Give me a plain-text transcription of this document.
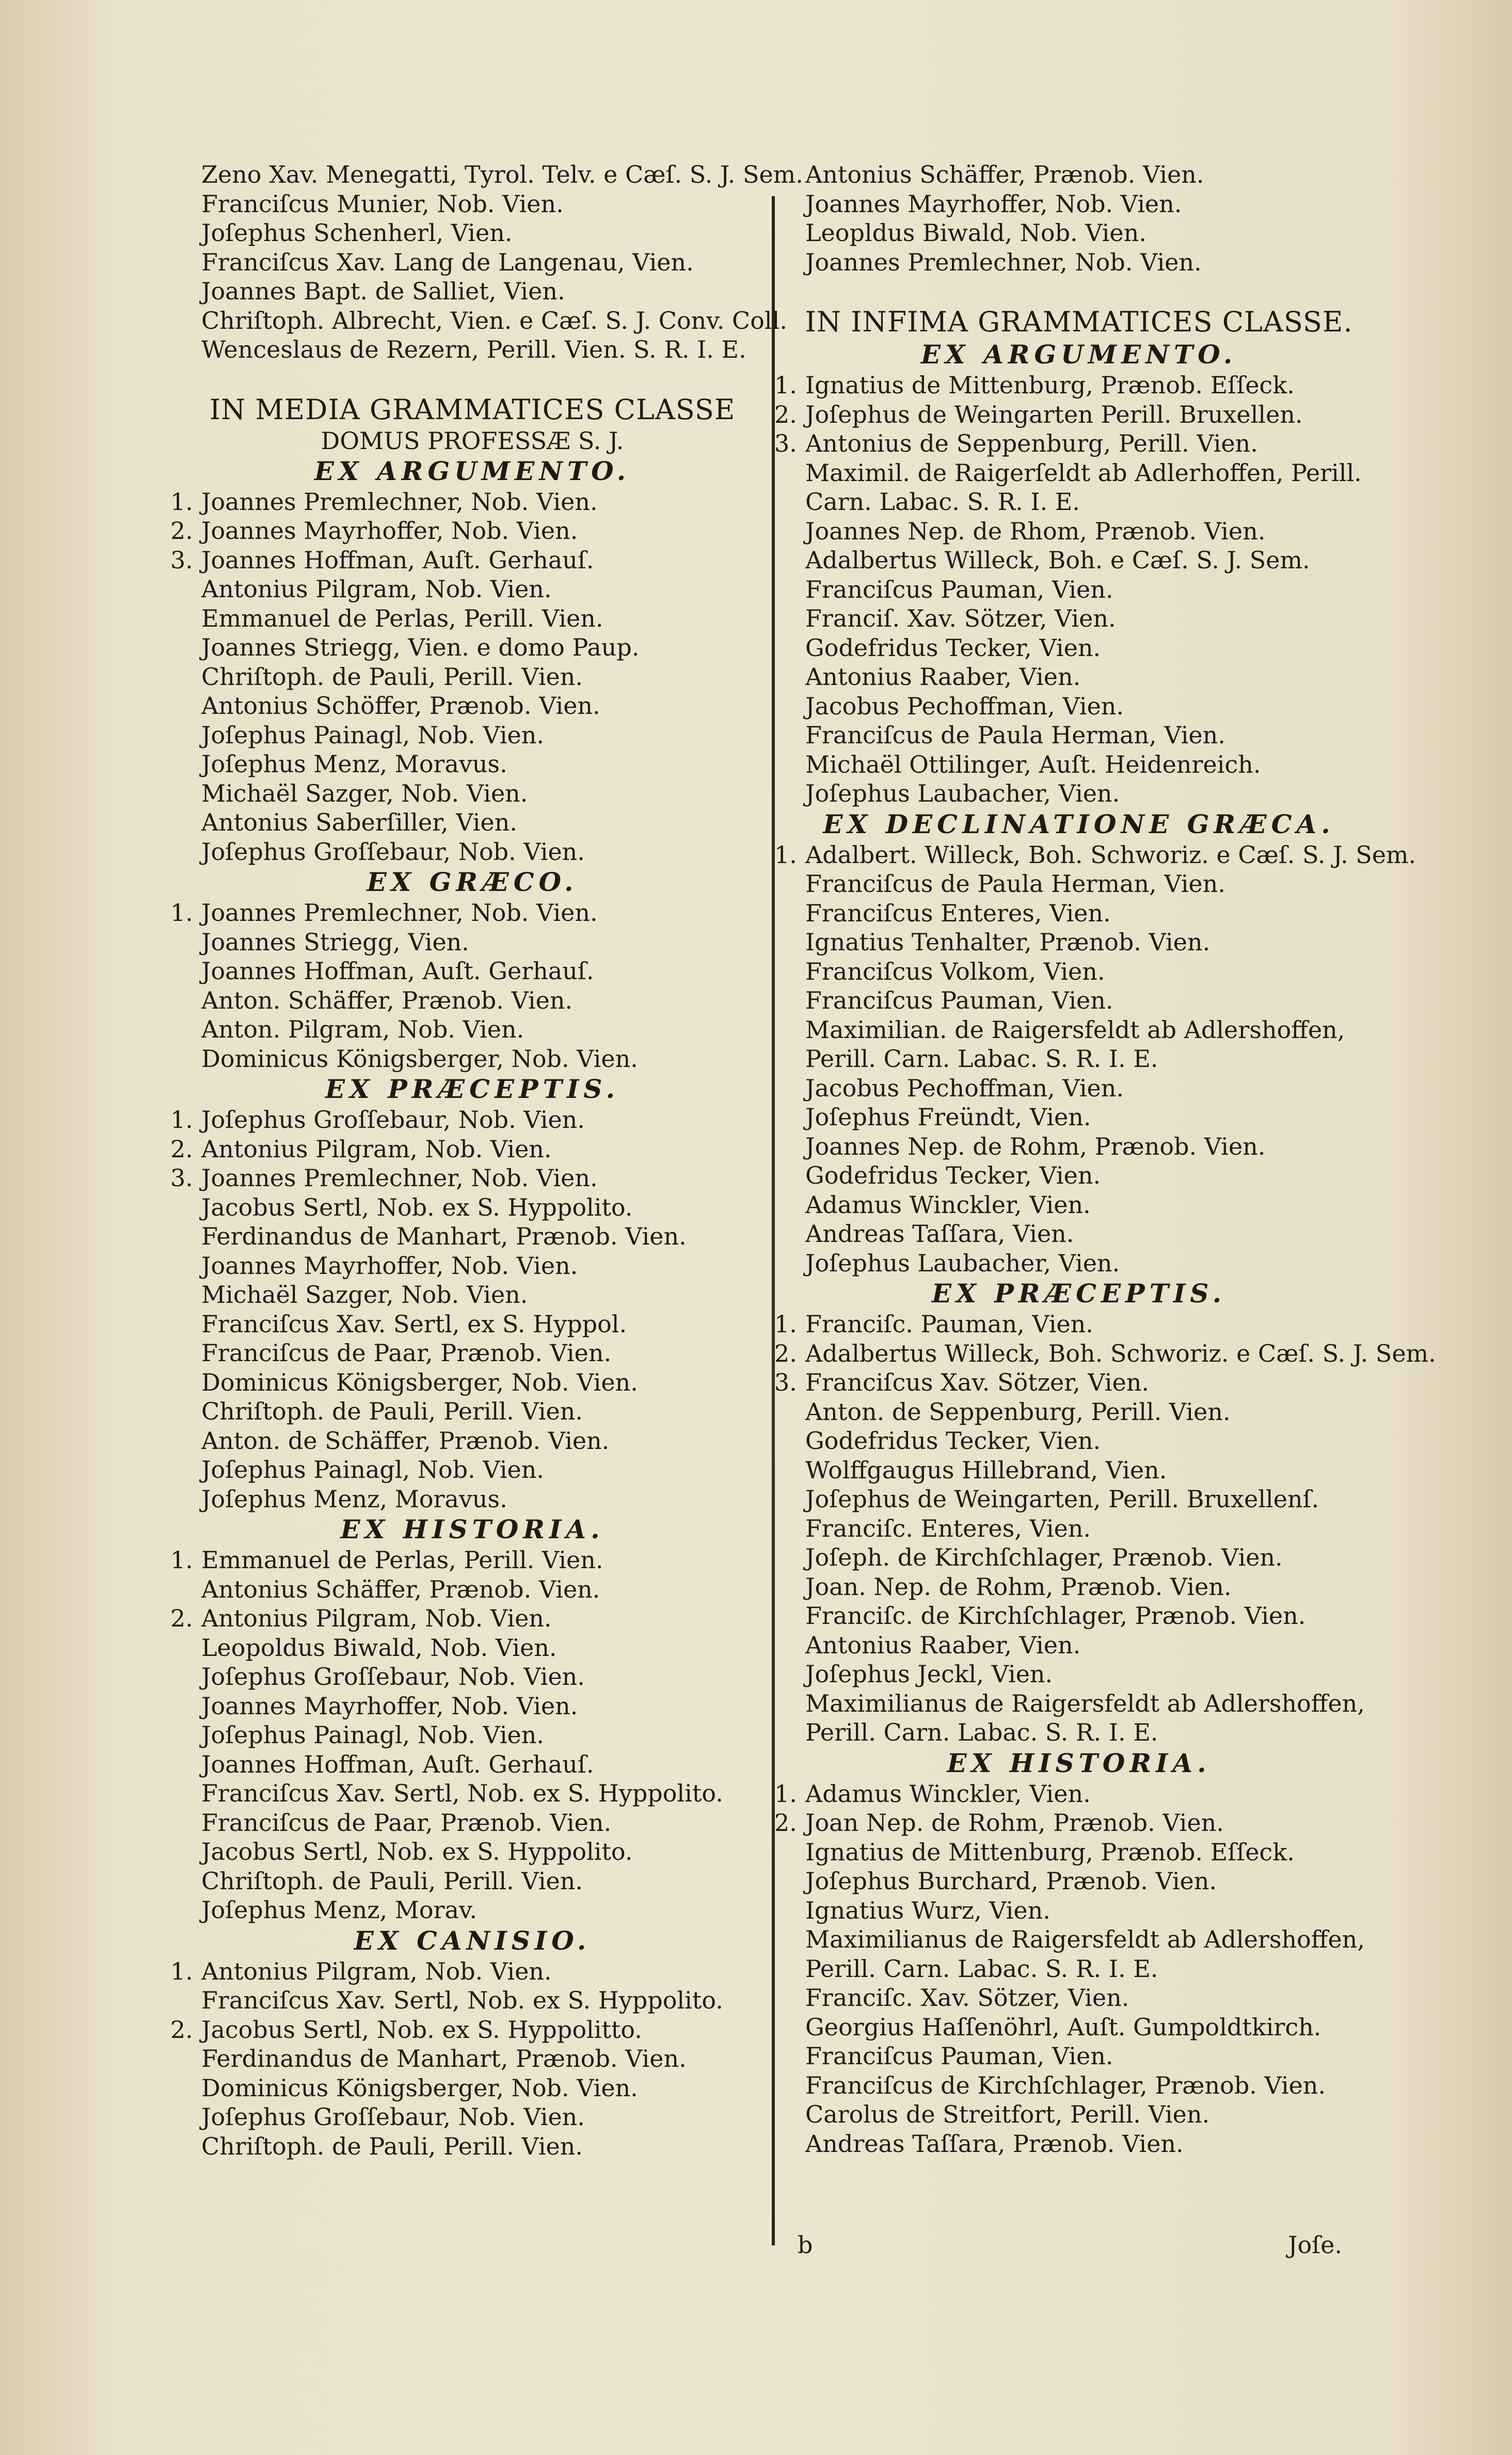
Zeno Xav. Menegatti, Tyrol. Telv. e Cæſ. S. J. Sem.
Franciſcus Munier, Nob. Vien.
Joſephus Schenherl, Vien.
Franciſcus Xav. Lang de Langenau, Vien.
Joannes Bapt. de Salliet, Vien.
Chriſtoph. Albrecht, Vien. e Cæſ. S. J. Conv. Coll.
Wenceslaus de Rezern, Perill. Vien. S. R. I. E.
IN MEDIA GRAMMATICES CLASSE
DOMUS PROFESSÆ S. J.
EX ARGUMENTO.
1. Joannes Premlechner, Nob. Vien.
2. Joannes Mayrhoffer, Nob. Vien.
3. Joannes Hoffman, Auſt. Gerhauſ.
Antonius Pilgram, Nob. Vien.
Emmanuel de Perlas, Perill. Vien.
Joannes Striegg, Vien. e domo Paup.
Chriſtoph. de Pauli, Perill. Vien.
Antonius Schöffer, Prænob. Vien.
Joſephus Painagl, Nob. Vien.
Joſephus Menz, Moravus.
Michaël Sazger, Nob. Vien.
Antonius Saberſiller, Vien.
Joſephus Groſſebaur, Nob. Vien.
EX GRÆCO.
1. Joannes Premlechner, Nob. Vien.
Joannes Striegg, Vien.
Joannes Hoffman, Auſt. Gerhauſ.
Anton. Schäffer, Prænob. Vien.
Anton. Pilgram, Nob. Vien.
Dominicus Königsberger, Nob. Vien.
EX PRÆCEPTIS.
1. Joſephus Groſſebaur, Nob. Vien.
2. Antonius Pilgram, Nob. Vien.
3. Joannes Premlechner, Nob. Vien.
Jacobus Sertl, Nob. ex S. Hyppolito.
Ferdinandus de Manhart, Prænob. Vien.
Joannes Mayrhoffer, Nob. Vien.
Michaël Sazger, Nob. Vien.
Franciſcus Xav. Sertl, ex S. Hyppol.
Franciſcus de Paar, Prænob. Vien.
Dominicus Königsberger, Nob. Vien.
Chriſtoph. de Pauli, Perill. Vien.
Anton. de Schäffer, Prænob. Vien.
Joſephus Painagl, Nob. Vien.
Joſephus Menz, Moravus.
EX HISTORIA.
1. Emmanuel de Perlas, Perill. Vien.
Antonius Schäffer, Prænob. Vien.
2. Antonius Pilgram, Nob. Vien.
Leopoldus Biwald, Nob. Vien.
Joſephus Groſſebaur, Nob. Vien.
Joannes Mayrhoffer, Nob. Vien.
Joſephus Painagl, Nob. Vien.
Joannes Hoffman, Auſt. Gerhauſ.
Franciſcus Xav. Sertl, Nob. ex S. Hyppolito.
Franciſcus de Paar, Prænob. Vien.
Jacobus Sertl, Nob. ex S. Hyppolito.
Chriſtoph. de Pauli, Perill. Vien.
Joſephus Menz, Morav.
EX CANISIO.
1. Antonius Pilgram, Nob. Vien.
Franciſcus Xav. Sertl, Nob. ex S. Hyppolito.
2. Jacobus Sertl, Nob. ex S. Hyppolitto.
Ferdinandus de Manhart, Prænob. Vien.
Dominicus Königsberger, Nob. Vien.
Joſephus Groſſebaur, Nob. Vien.
Chriſtoph. de Pauli, Perill. Vien.
Antonius Schäffer, Prænob. Vien.
Joannes Mayrhoffer, Nob. Vien.
Leopldus Biwald, Nob. Vien.
Joannes Premlechner, Nob. Vien.
IN INFIMA GRAMMATICES CLASSE.
EX ARGUMENTO.
1. Ignatius de Mittenburg, Prænob. Eſſeck.
2. Joſephus de Weingarten Perill. Bruxellen.
3. Antonius de Seppenburg, Perill. Vien.
Maximil. de Raigerſeldt ab Adlerhoffen, Perill.
Carn. Labac. S. R. I. E.
Joannes Nep. de Rhom, Prænob. Vien.
Adalbertus Willeck, Boh. e Cæſ. S. J. Sem.
Franciſcus Pauman, Vien.
Franciſ. Xav. Sötzer, Vien.
Godefridus Tecker, Vien.
Antonius Raaber, Vien.
Jacobus Pechoffman, Vien.
Franciſcus de Paula Herman, Vien.
Michaël Ottilinger, Auſt. Heidenreich.
Joſephus Laubacher, Vien.
EX DECLINATIONE GRÆCA.
1. Adalbert. Willeck, Boh. Schworiz. e Cæſ. S. J. Sem.
Franciſcus de Paula Herman, Vien.
Franciſcus Enteres, Vien.
Ignatius Tenhalter, Prænob. Vien.
Franciſcus Volkom, Vien.
Franciſcus Pauman, Vien.
Maximilian. de Raigersfeldt ab Adlershoffen,
Perill. Carn. Labac. S. R. I. E.
Jacobus Pechoffman, Vien.
Joſephus Freündt, Vien.
Joannes Nep. de Rohm, Prænob. Vien.
Godefridus Tecker, Vien.
Adamus Winckler, Vien.
Andreas Taſſara, Vien.
Joſephus Laubacher, Vien.
EX PRÆCEPTIS.
1. Franciſc. Pauman, Vien.
2. Adalbertus Willeck, Boh. Schworiz. e Cæſ. S. J. Sem.
3. Franciſcus Xav. Sötzer, Vien.
Anton. de Seppenburg, Perill. Vien.
Godefridus Tecker, Vien.
Wolffgaugus Hillebrand, Vien.
Joſephus de Weingarten, Perill. Bruxellenſ.
Franciſc. Enteres, Vien.
Joſeph. de Kirchſchlager, Prænob. Vien.
Joan. Nep. de Rohm, Prænob. Vien.
Franciſc. de Kirchſchlager, Prænob. Vien.
Antonius Raaber, Vien.
Joſephus Jeckl, Vien.
Maximilianus de Raigersfeldt ab Adlershoffen,
Perill. Carn. Labac. S. R. I. E.
EX HISTORIA.
1. Adamus Winckler, Vien.
2. Joan Nep. de Rohm, Prænob. Vien.
Ignatius de Mittenburg, Prænob. Eſſeck.
Joſephus Burchard, Prænob. Vien.
Ignatius Wurz, Vien.
Maximilianus de Raigersfeldt ab Adlershoffen,
Perill. Carn. Labac. S. R. I. E.
Franciſc. Xav. Sötzer, Vien.
Georgius Haſſenöhrl, Auſt. Gumpoldtkirch.
Franciſcus Pauman, Vien.
Franciſcus de Kirchſchlager, Prænob. Vien.
Carolus de Streitfort, Perill. Vien.
Andreas Taſſara, Prænob. Vien.
b	Joſe.
